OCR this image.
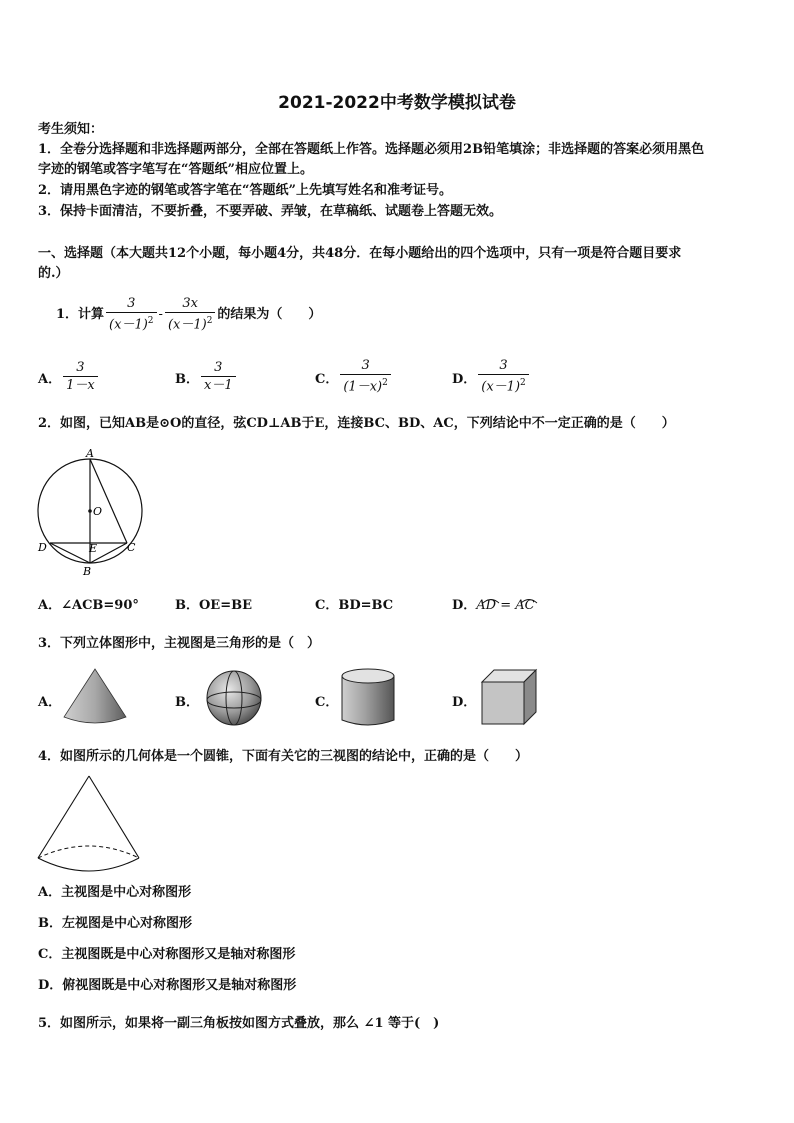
2021-2022中考数学模拟试卷
考生须知：
1．全卷分选择题和非选择题两部分，全部在答题纸上作答。选择题必须用2B铅笔填涂；非选择题的答案必须用黑色
字迹的钢笔或答字笔写在“答题纸”相应位置上。
2．请用黑色字迹的钢笔或答字笔在“答题纸”上先填写姓名和准考证号。
3．保持卡面清洁，不要折叠，不要弄破、弄皱，在草稿纸、试题卷上答题无效。
一、选择题（本大题共12个小题，每小题4分，共48分．在每小题给出的四个选项中，只有一项是符合题目要求
的.）
1．计算 $\frac{3}{(x-1)^2} - \frac{3x}{(x-1)^2}$ 的结果为（　　）
A． $\frac{3}{1-x}$	B． $\frac{3}{x-1}$	C． $\frac{3}{(1-x)^2}$	D． $\frac{3}{(x-1)^2}$
2．如图，已知AB是⊙O的直径，弦CD⊥AB于E，连接BC、BD、AC，下列结论中不一定正确的是（　　）
A
O
D	E	C
B
A．∠ACB=90°	B．OE=BE	C．BD=BC	D．AD = AC
3．下列立体图形中，主视图是三角形的是（　）
A．	B．	C．	D．
4．如图所示的几何体是一个圆锥，下面有关它的三视图的结论中，正确的是（　　）
A．主视图是中心对称图形
B．左视图是中心对称图形
C．主视图既是中心对称图形又是轴对称图形
D．俯视图既是中心对称图形又是轴对称图形
5．如图所示，如果将一副三角板按如图方式叠放，那么 ∠1 等于(　)
